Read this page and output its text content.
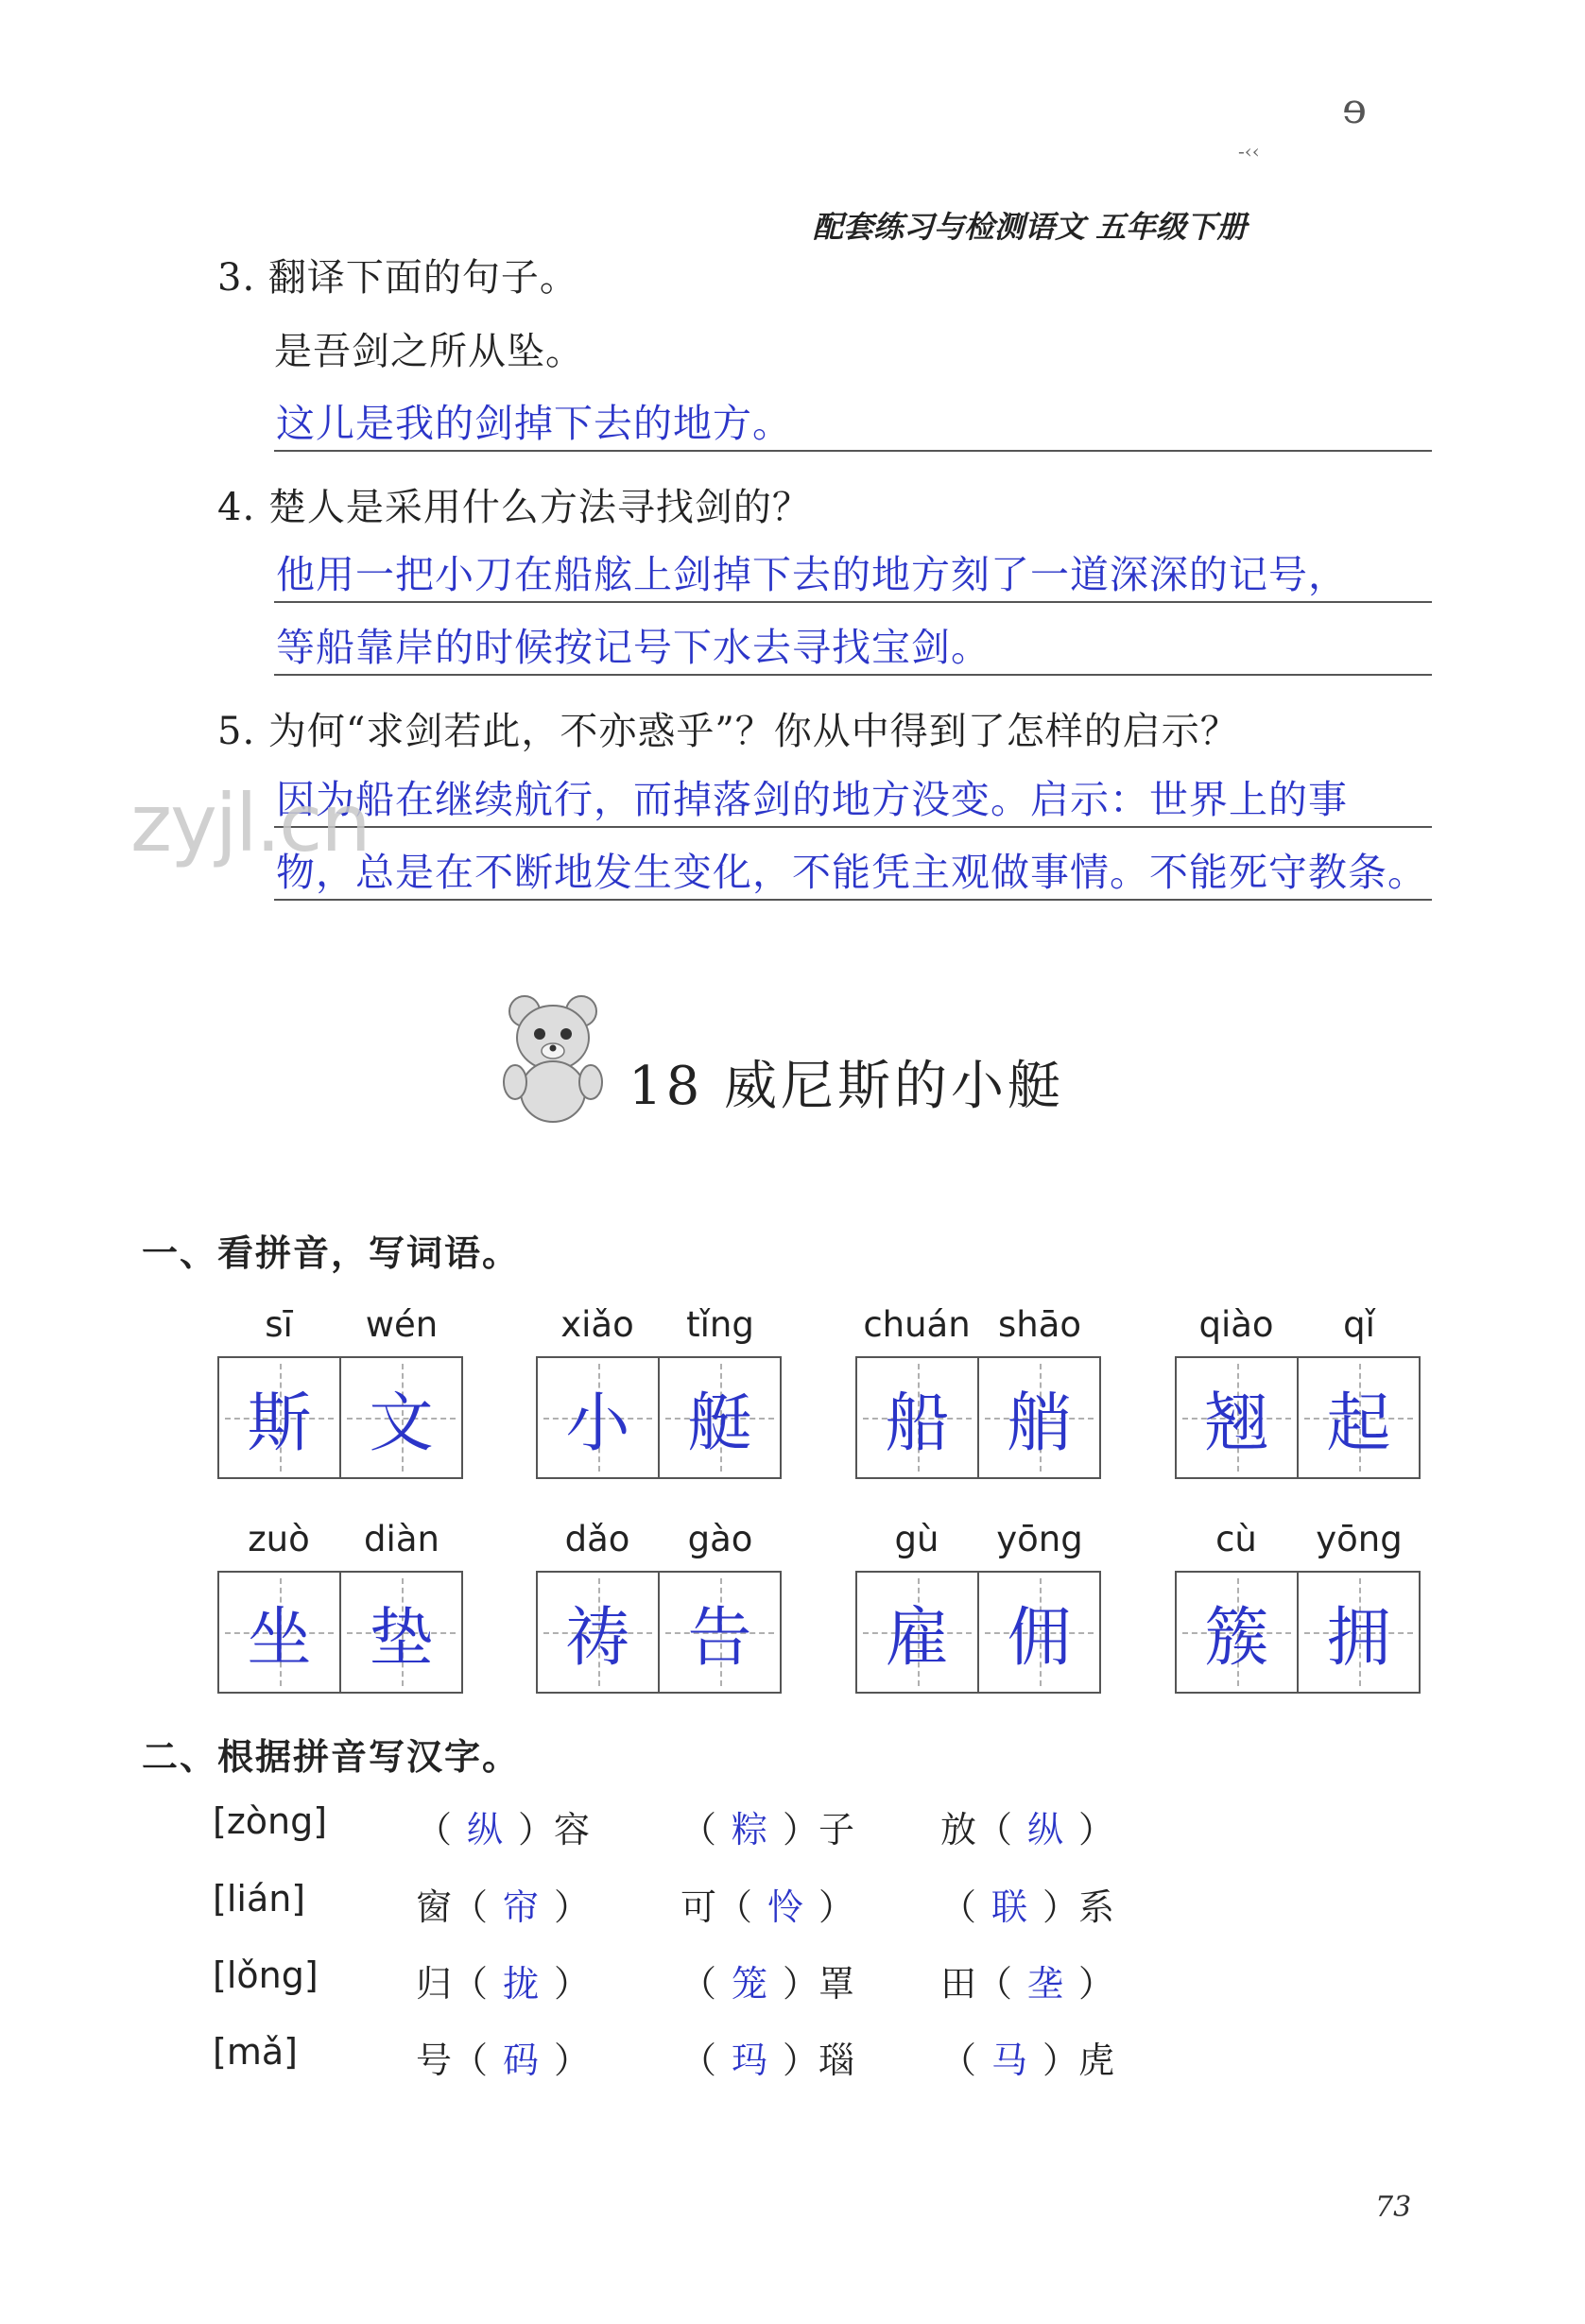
ɘ
-‹‹
配套练习与检测语文 五年级下册
3. 翻译下面的句子。
是吾剑之所从坠。
这儿是我的剑掉下去的地方。
4. 楚人是采用什么方法寻找剑的？
他用一把小刀在船舷上剑掉下去的地方刻了一道深深的记号，
等船靠岸的时候按记号下水去寻找宝剑。
5. 为何“求剑若此，不亦惑乎”？你从中得到了怎样的启示？
因为船在继续航行，而掉落剑的地方没变。启示：世界上的事
物，总是在不断地发生变化，不能凭主观做事情。不能死守教条。
zyjl.cn
18 威尼斯的小艇
一、看拼音，写词语。
sī	wén
斯 文
xiǎo	tǐng
小 艇
chuán shāo
船 艄
qiào	qǐ
翘 起
zuò	diàn
坐 垫
dǎo	gào
祷 告
gù	yōng
雇 佣
cù	yōng
簇 拥
二、根据拼音写汉字。
[zòng] （ 纵 ）容	（ 粽 ）子 放（ 纵 ）
[lián]	窗（ 帘 ）	可（ 怜 ） （ 联 ）系
[lǒng]	归（ 拢 ）	（ 笼 ）罩 田（ 垄 ）
[mǎ]	号（ 码 ）	（ 玛 ）瑙 （ 马 ）虎
73
